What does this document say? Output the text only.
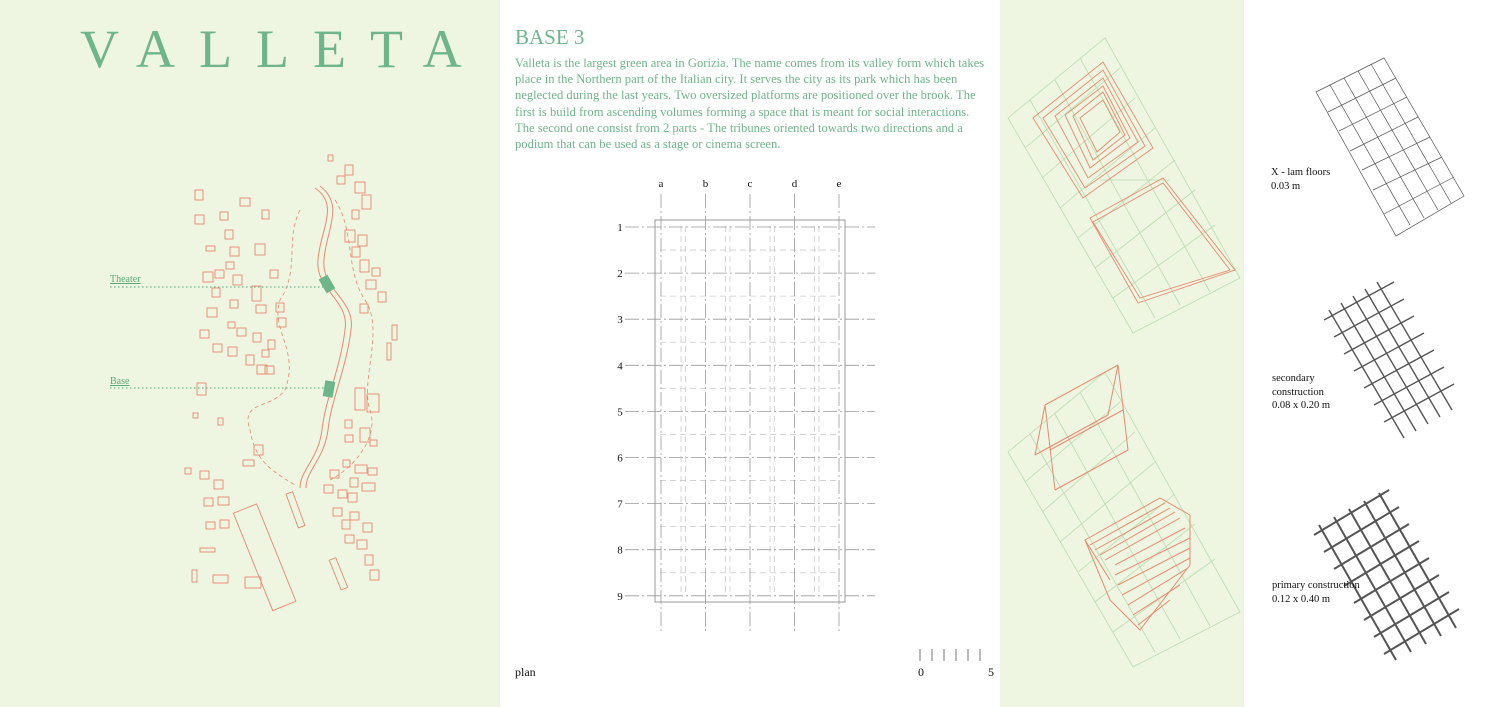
VALLETA
Theater
Base
BASE 3

Valleta is the largest green area in Gorizia. The name comes from its valley form which takes place in the Northern part of the Italian city. It serves the city as its park which has been neglected during the last years. Two oversized platforms are positioned over the brook. The first is build from ascending volumes forming a space that is meant for social interactions. The second one consist from 2 parts - The tribunes oriented towards two directions and a podium that can be used as a stage or cinema screen.

a	b	c	d	e
1
2
3
4
5
6
7
8
9
plan	0	5
X - lam floors
0.03 m
secondary construction
0.08 x 0.20 m
primary construction
0.12 x 0.40 m
